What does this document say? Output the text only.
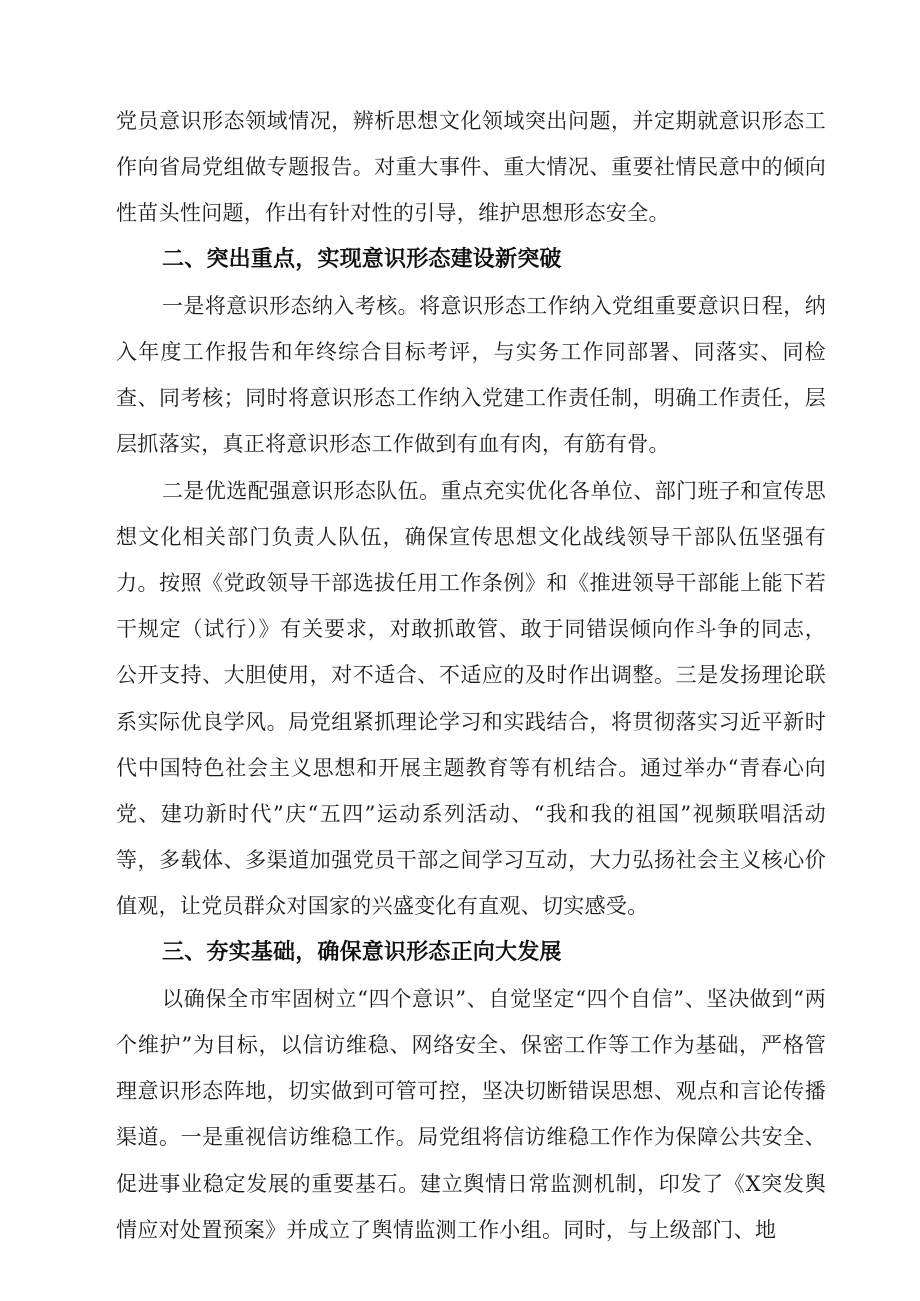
党员意识形态领域情况，辨析思想文化领域突出问题，并定期就意识形态工作向省局党组做专题报告。对重大事件、重大情况、重要社情民意中的倾向性苗头性问题，作出有针对性的引导，维护思想形态安全。

二、突出重点，实现意识形态建设新突破

一是将意识形态纳入考核。将意识形态工作纳入党组重要意识日程，纳入年度工作报告和年终综合目标考评，与实务工作同部署、同落实、同检查、同考核；同时将意识形态工作纳入党建工作责任制，明确工作责任，层层抓落实，真正将意识形态工作做到有血有肉，有筋有骨。

二是优选配强意识形态队伍。重点充实优化各单位、部门班子和宣传思想文化相关部门负责人队伍，确保宣传思想文化战线领导干部队伍坚强有力。按照《党政领导干部选拔任用工作条例》和《推进领导干部能上能下若干规定（试行）》有关要求，对敢抓敢管、敢于同错误倾向作斗争的同志，公开支持、大胆使用，对不适合、不适应的及时作出调整。三是发扬理论联系实际优良学风。局党组紧抓理论学习和实践结合，将贯彻落实习近平新时代中国特色社会主义思想和开展主题教育等有机结合。通过举办“青春心向党、建功新时代”庆“五四”运动系列活动、“我和我的祖国”视频联唱活动等，多载体、多渠道加强党员干部之间学习互动，大力弘扬社会主义核心价值观，让党员群众对国家的兴盛变化有直观、切实感受。

三、夯实基础，确保意识形态正向大发展

以确保全市牢固树立“四个意识”、自觉坚定“四个自信”、坚决做到“两个维护”为目标，以信访维稳、网络安全、保密工作等工作为基础，严格管理意识形态阵地，切实做到可管可控，坚决切断错误思想、观点和言论传播渠道。一是重视信访维稳工作。局党组将信访维稳工作作为保障公共安全、促进事业稳定发展的重要基石。建立舆情日常监测机制，印发了《X突发舆情应对处置预案》并成立了舆情监测工作小组。同时，与上级部门、地
